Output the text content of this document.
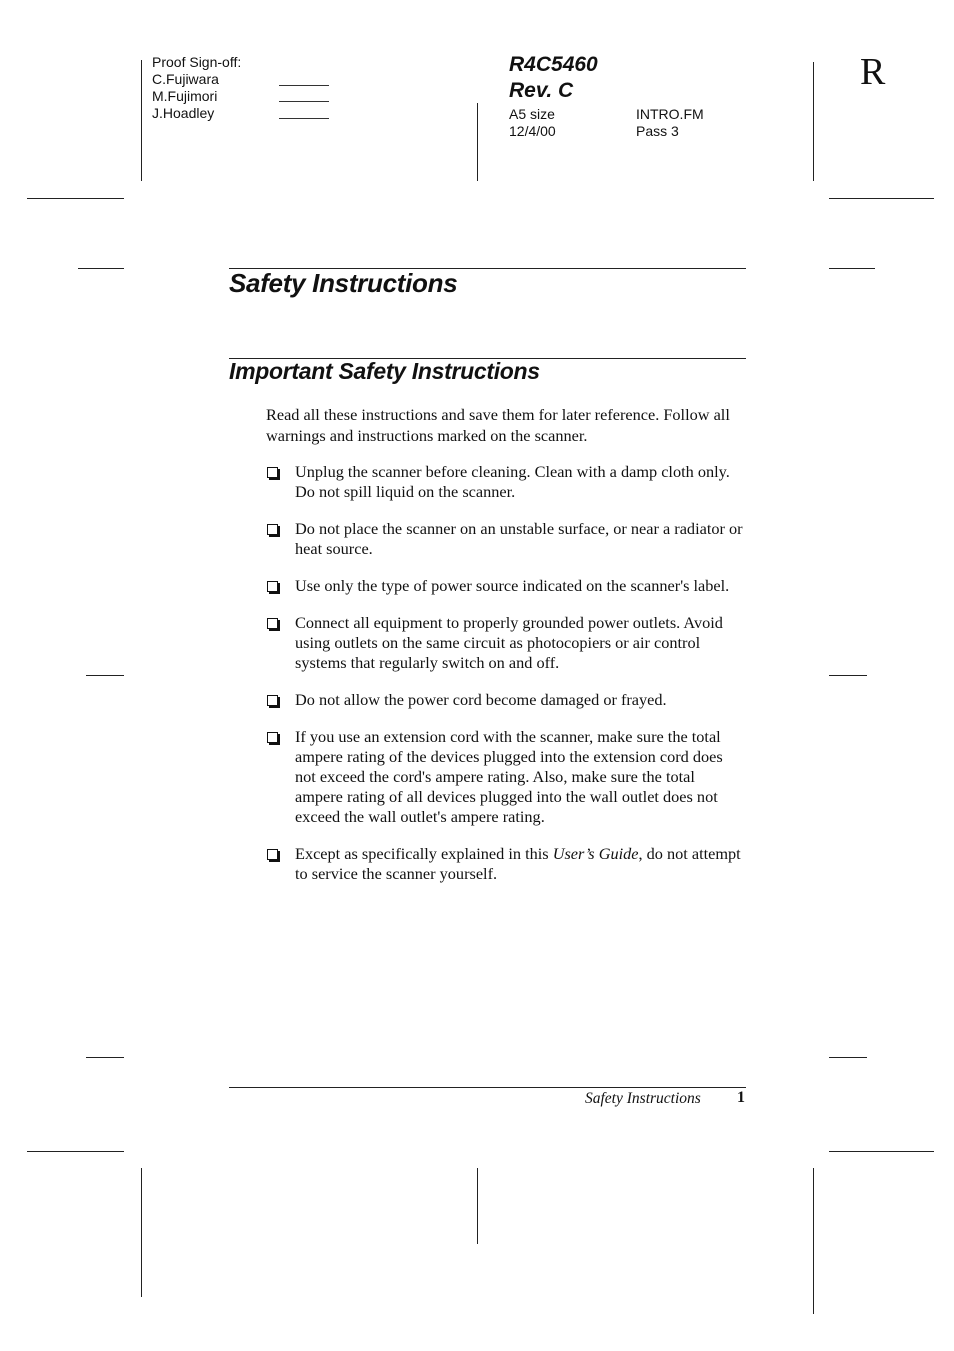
Proof Sign-off:
C.Fujiwara
M.Fujimori
J.Hoadley
R4C5460
Rev. C
A5 size
12/4/00
INTRO.FM
Pass 3
R
Safety Instructions
Important Safety Instructions
Read all these instructions and save them for later reference. Follow all warnings and instructions marked on the scanner.
Unplug the scanner before cleaning. Clean with a damp cloth only. Do not spill liquid on the scanner.
Do not place the scanner on an unstable surface, or near a radiator or heat source.
Use only the type of power source indicated on the scanner's label.
Connect all equipment to properly grounded power outlets. Avoid using outlets on the same circuit as photocopiers or air control systems that regularly switch on and off.
Do not allow the power cord become damaged or frayed.
If you use an extension cord with the scanner, make sure the total ampere rating of the devices plugged into the extension cord does not exceed the cord's ampere rating. Also, make sure the total ampere rating of all devices plugged into the wall outlet does not exceed the wall outlet's ampere rating.
Except as specifically explained in this User’s Guide, do not attempt to service the scanner yourself.
Safety Instructions 1
